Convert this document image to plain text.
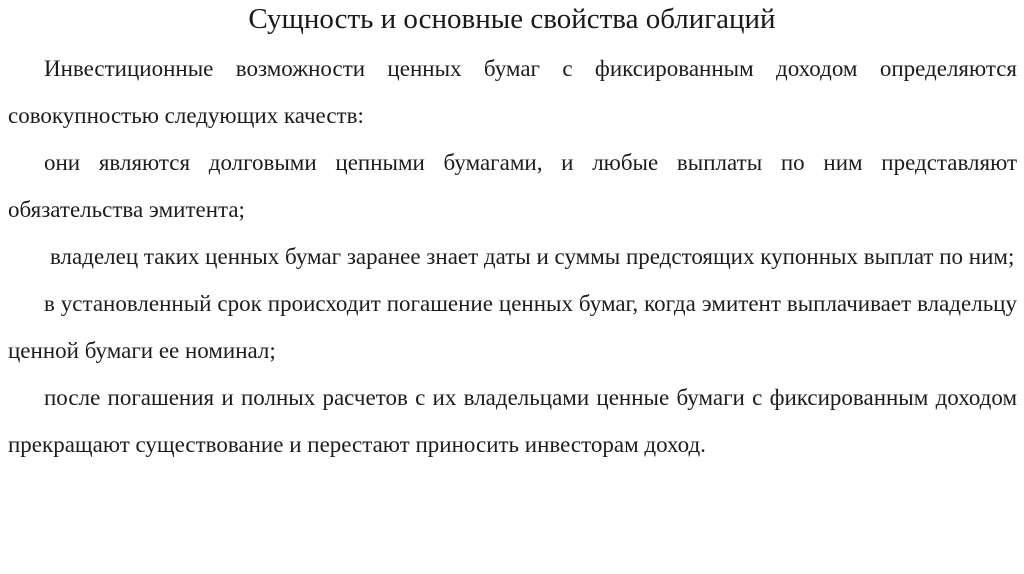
Сущность и основные свойства облигаций

Инвестиционные возможности ценных бумаг с фиксированным доходом определяются совокупностью следующих качеств:

они являются долговыми цепными бумагами, и любые выплаты по ним представляют обязательства эмитента;

владелец таких ценных бумаг заранее знает даты и суммы предстоящих купонных выплат по ним;

в установленный срок происходит погашение ценных бумаг, когда эмитент выплачивает владельцу ценной бумаги ее номинал;

после погашения и полных расчетов с их владельцами ценные бумаги с фиксированным доходом прекращают существование и перестают приносить инвесторам доход.
